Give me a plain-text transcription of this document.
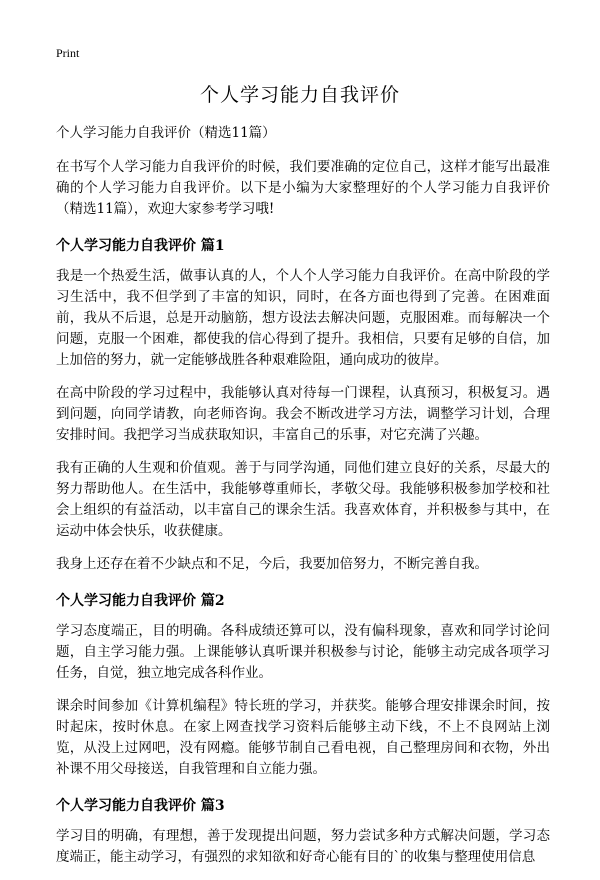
Print
个人学习能力自我评价
个人学习能力自我评价（精选11篇）

在书写个人学习能力自我评价的时候，我们要准确的定位自己，这样才能写出最准确的个人学习能力自我评价。以下是小编为大家整理好的个人学习能力自我评价（精选11篇），欢迎大家参考学习哦!

个人学习能力自我评价 篇1

我是一个热爱生活，做事认真的人，个人个人学习能力自我评价。在高中阶段的学习生活中，我不但学到了丰富的知识，同时，在各方面也得到了完善。在困难面前，我从不后退，总是开动脑筋，想方设法去解决问题，克服困难。而每解决一个问题，克服一个困难，都使我的信心得到了提升。我相信，只要有足够的自信，加上加倍的努力，就一定能够战胜各种艰难险阻，通向成功的彼岸。

在高中阶段的学习过程中，我能够认真对待每一门课程，认真预习，积极复习。遇到问题，向同学请教，向老师咨询。我会不断改进学习方法，调整学习计划，合理安排时间。我把学习当成获取知识，丰富自己的乐事，对它充满了兴趣。

我有正确的人生观和价值观。善于与同学沟通，同他们建立良好的关系，尽最大的努力帮助他人。在生活中，我能够尊重师长，孝敬父母。我能够积极参加学校和社会上组织的有益活动，以丰富自己的课余生活。我喜欢体育，并积极参与其中，在运动中体会快乐，收获健康。

我身上还存在着不少缺点和不足，今后，我要加倍努力，不断完善自我。

个人学习能力自我评价 篇2

学习态度端正，目的明确。各科成绩还算可以，没有偏科现象，喜欢和同学讨论问题，自主学习能力强。上课能够认真听课并积极参与讨论，能够主动完成各项学习任务，自觉，独立地完成各科作业。

课余时间参加《计算机编程》特长班的学习，并获奖。能够合理安排课余时间，按时起床，按时休息。在家上网查找学习资料后能够主动下线，不上不良网站上浏览，从没上过网吧，没有网瘾。能够节制自己看电视，自己整理房间和衣物，外出补课不用父母接送，自我管理和自立能力强。

个人学习能力自我评价 篇3

学习目的明确，有理想，善于发现提出问题，努力尝试多种方式解决问题，学习态度端正，能主动学习，有强烈的求知欲和好奇心能有目的`的收集与整理使用信息
